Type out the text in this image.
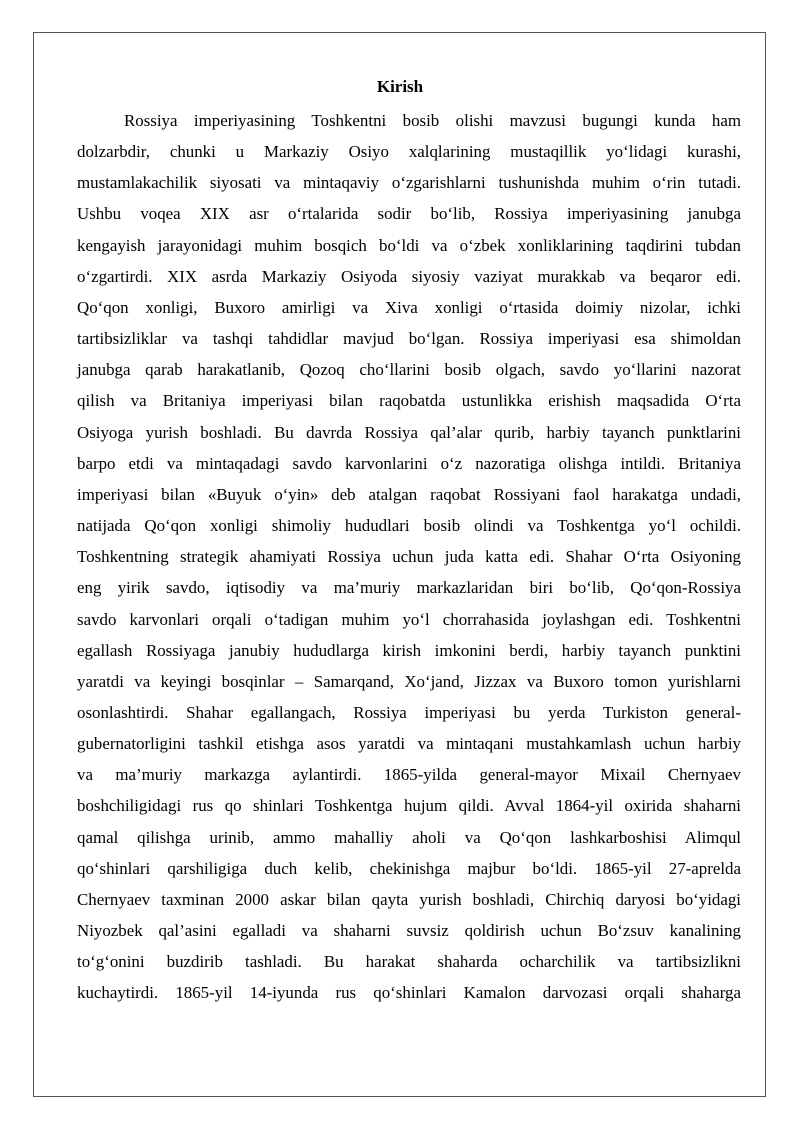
Kirish
Rossiya imperiyasining Toshkentni bosib olishi mavzusi bugungi kunda ham
dolzarbdir, chunki u Markaziy Osiyo xalqlarining mustaqillik yo‘lidagi kurashi,
mustamlakachilik siyosati va mintaqaviy o‘zgarishlarni tushunishda muhim o‘rin tutadi.
Ushbu voqea XIX asr o‘rtalarida sodir bo‘lib, Rossiya imperiyasining janubga
kengayish jarayonidagi muhim bosqich bo‘ldi va o‘zbek xonliklarining taqdirini tubdan
o‘zgartirdi. XIX asrda Markaziy Osiyoda siyosiy vaziyat murakkab va beqaror edi.
Qo‘qon xonligi, Buxoro amirligi va Xiva xonligi o‘rtasida doimiy nizolar, ichki
tartibsizliklar va tashqi tahdidlar mavjud bo‘lgan. Rossiya imperiyasi esa shimoldan
janubga qarab harakatlanib, Qozoq cho‘llarini bosib olgach, savdo yo‘llarini nazorat
qilish va Britaniya imperiyasi bilan raqobatda ustunlikka erishish maqsadida O‘rta
Osiyoga yurish boshladi. Bu davrda Rossiya qal’alar qurib, harbiy tayanch punktlarini
barpo etdi va mintaqadagi savdo karvonlarini o‘z nazoratiga olishga intildi. Britaniya
imperiyasi bilan «Buyuk o‘yin» deb atalgan raqobat Rossiyani faol harakatga undadi,
natijada Qo‘qon xonligi shimoliy hududlari bosib olindi va Toshkentga yo‘l ochildi.
Toshkentning strategik ahamiyati Rossiya uchun juda katta edi. Shahar O‘rta Osiyoning
eng yirik savdo, iqtisodiy va ma’muriy markazlaridan biri bo‘lib, Qo‘qon-Rossiya
savdo karvonlari orqali o‘tadigan muhim yo‘l chorrahasida joylashgan edi. Toshkentni
egallash Rossiyaga janubiy hududlarga kirish imkonini berdi, harbiy tayanch punktini
yaratdi va keyingi bosqinlar – Samarqand, Xo‘jand, Jizzax va Buxoro tomon yurishlarni
osonlashtirdi. Shahar egallangach, Rossiya imperiyasi bu yerda Turkiston general-
gubernatorligini tashkil etishga asos yaratdi va mintaqani mustahkamlash uchun harbiy
va ma’muriy markazga aylantirdi. 1865-yilda general-mayor Mixail Chernyaev
boshchiligidagi rus qo shinlari Toshkentga hujum qildi. Avval 1864-yil oxirida shaharni
qamal qilishga urinib, ammo mahalliy aholi va Qo‘qon lashkarboshisi Alimqul
qo‘shinlari qarshiligiga duch kelib, chekinishga majbur bo‘ldi. 1865-yil 27-aprelda
Chernyaev taxminan 2000 askar bilan qayta yurish boshladi, Chirchiq daryosi bo‘yidagi
Niyozbek qal’asini egalladi va shaharni suvsiz qoldirish uchun Bo‘zsuv kanalining
to‘g‘onini buzdirib tashladi. Bu harakat shaharda ocharchilik va tartibsizlikni
kuchaytirdi. 1865-yil 14-iyunda rus qo‘shinlari Kamalon darvozasi orqali shaharga
